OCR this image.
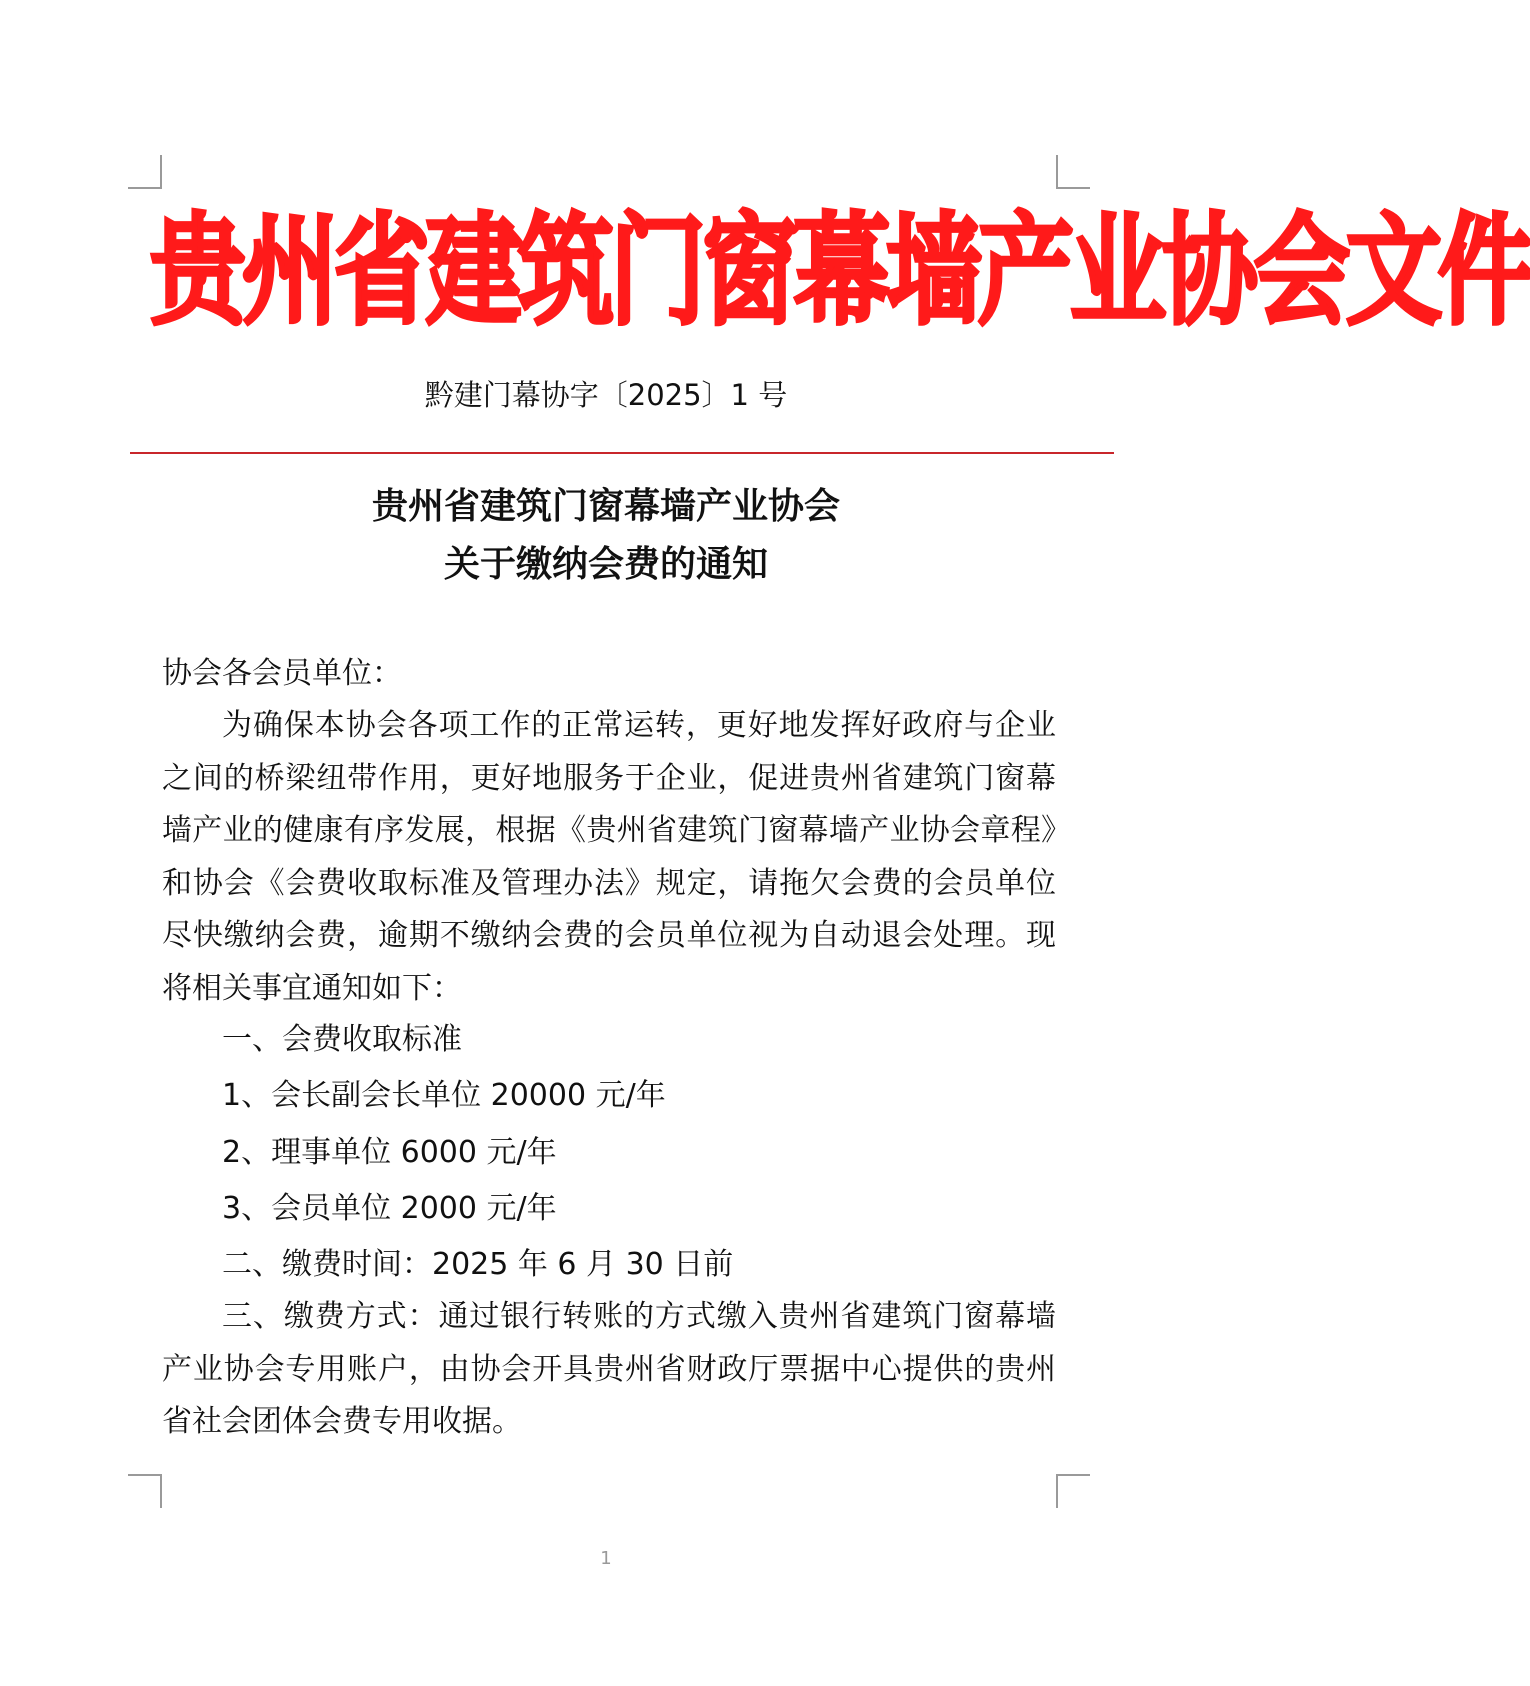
贵州省建筑门窗幕墙产业协会文件
黔建门幕协字〔2025〕1 号
贵州省建筑门窗幕墙产业协会
关于缴纳会费的通知
协会各会员单位：
为确保本协会各项工作的正常运转，更好地发挥好政府与企业之间的桥梁纽带作用，更好地服务于企业，促进贵州省建筑门窗幕墙产业的健康有序发展，根据《贵州省建筑门窗幕墙产业协会章程》和协会《会费收取标准及管理办法》规定，请拖欠会费的会员单位尽快缴纳会费，逾期不缴纳会费的会员单位视为自动退会处理。现将相关事宜通知如下：
一、会费收取标准
1、会长副会长单位 20000 元/年
2、理事单位 6000 元/年
3、会员单位 2000 元/年
二、缴费时间：2025 年 6 月 30 日前
三、缴费方式：通过银行转账的方式缴入贵州省建筑门窗幕墙产业协会专用账户，由协会开具贵州省财政厅票据中心提供的贵州省社会团体会费专用收据。
1
